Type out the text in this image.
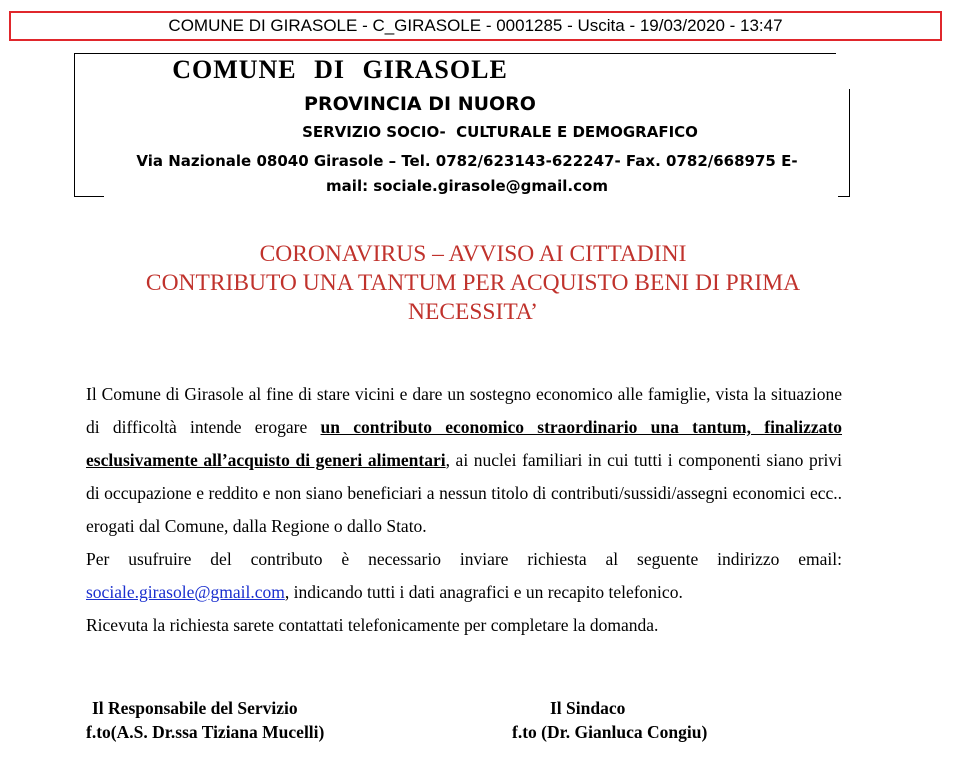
COMUNE DI GIRASOLE - C_GIRASOLE - 0001285 - Uscita - 19/03/2020 - 13:47
COMUNE DI GIRASOLE
PROVINCIA DI NUORO
SERVIZIO SOCIO-  CULTURALE E DEMOGRAFICO
Via Nazionale 08040 Girasole – Tel. 0782/623143-622247- Fax. 0782/668975 E-
mail: sociale.girasole@gmail.com
CORONAVIRUS – AVVISO AI CITTADINI
CONTRIBUTO UNA TANTUM PER ACQUISTO BENI DI PRIMA
NECESSITA’

Il Comune di Girasole al fine di stare vicini e dare un sostegno economico alle famiglie, vista la situazione di difficoltà intende erogare un contributo economico straordinario una tantum, finalizzato esclusivamente all’acquisto di generi alimentari, ai nuclei familiari in cui tutti i componenti siano privi di occupazione e reddito e non siano beneficiari a nessun titolo di contributi/sussidi/assegni economici ecc.. erogati dal Comune, dalla Regione o dallo Stato.

Per usufruire del contributo è necessario inviare richiesta al seguente indirizzo email: sociale.girasole@gmail.com, indicando tutti i dati anagrafici e un recapito telefonico.

Ricevuta la richiesta sarete contattati telefonicamente per completare la domanda.

Il Responsabile del Servizio
f.to(A.S. Dr.ssa Tiziana Mucelli)
Il Sindaco
f.to (Dr. Gianluca Congiu)
